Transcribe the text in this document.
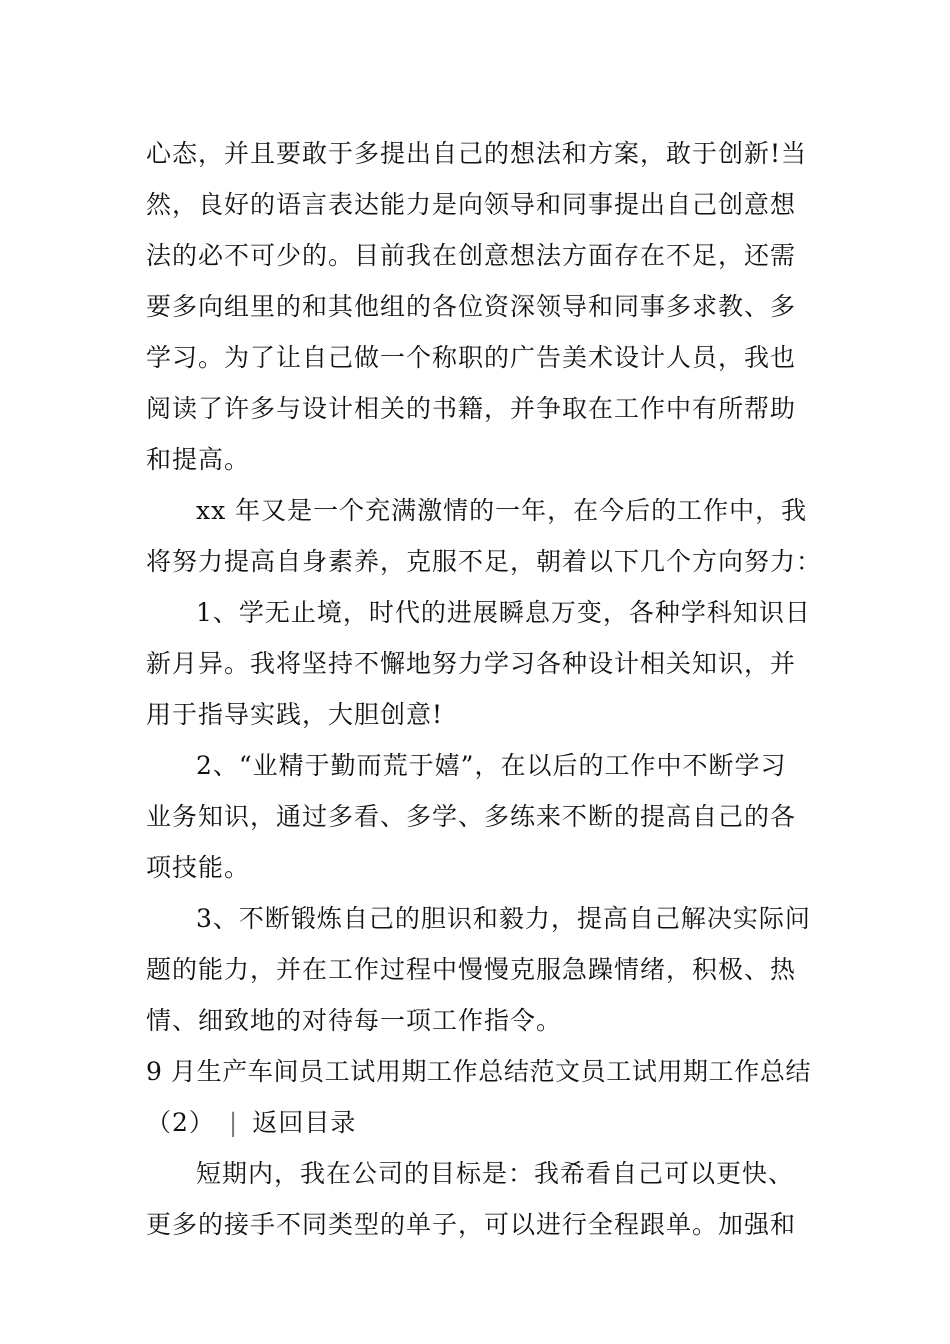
心态，并且要敢于多提出自己的想法和方案，敢于创新!当
然，良好的语言表达能力是向领导和同事提出自己创意想
法的必不可少的。目前我在创意想法方面存在不足，还需
要多向组里的和其他组的各位资深领导和同事多求教、多
学习。为了让自己做一个称职的广告美术设计人员，我也
阅读了许多与设计相关的书籍，并争取在工作中有所帮助
和提高。
xx 年又是一个充满激情的一年，在今后的工作中，我
将努力提高自身素养，克服不足，朝着以下几个方向努力：
1、学无止境，时代的进展瞬息万变，各种学科知识日
新月异。我将坚持不懈地努力学习各种设计相关知识，并
用于指导实践，大胆创意!
2、“业精于勤而荒于嬉”，在以后的工作中不断学习
业务知识，通过多看、多学、多练来不断的提高自己的各
项技能。
3、不断锻炼自己的胆识和毅力，提高自己解决实际问
题的能力，并在工作过程中慢慢克服急躁情绪，积极、热
情、细致地的对待每一项工作指令。
9 月生产车间员工试用期工作总结范文员工试用期工作总结
（2） | 返回目录
短期内，我在公司的目标是：我希看自己可以更快、
更多的接手不同类型的单子，可以进行全程跟单。加强和
